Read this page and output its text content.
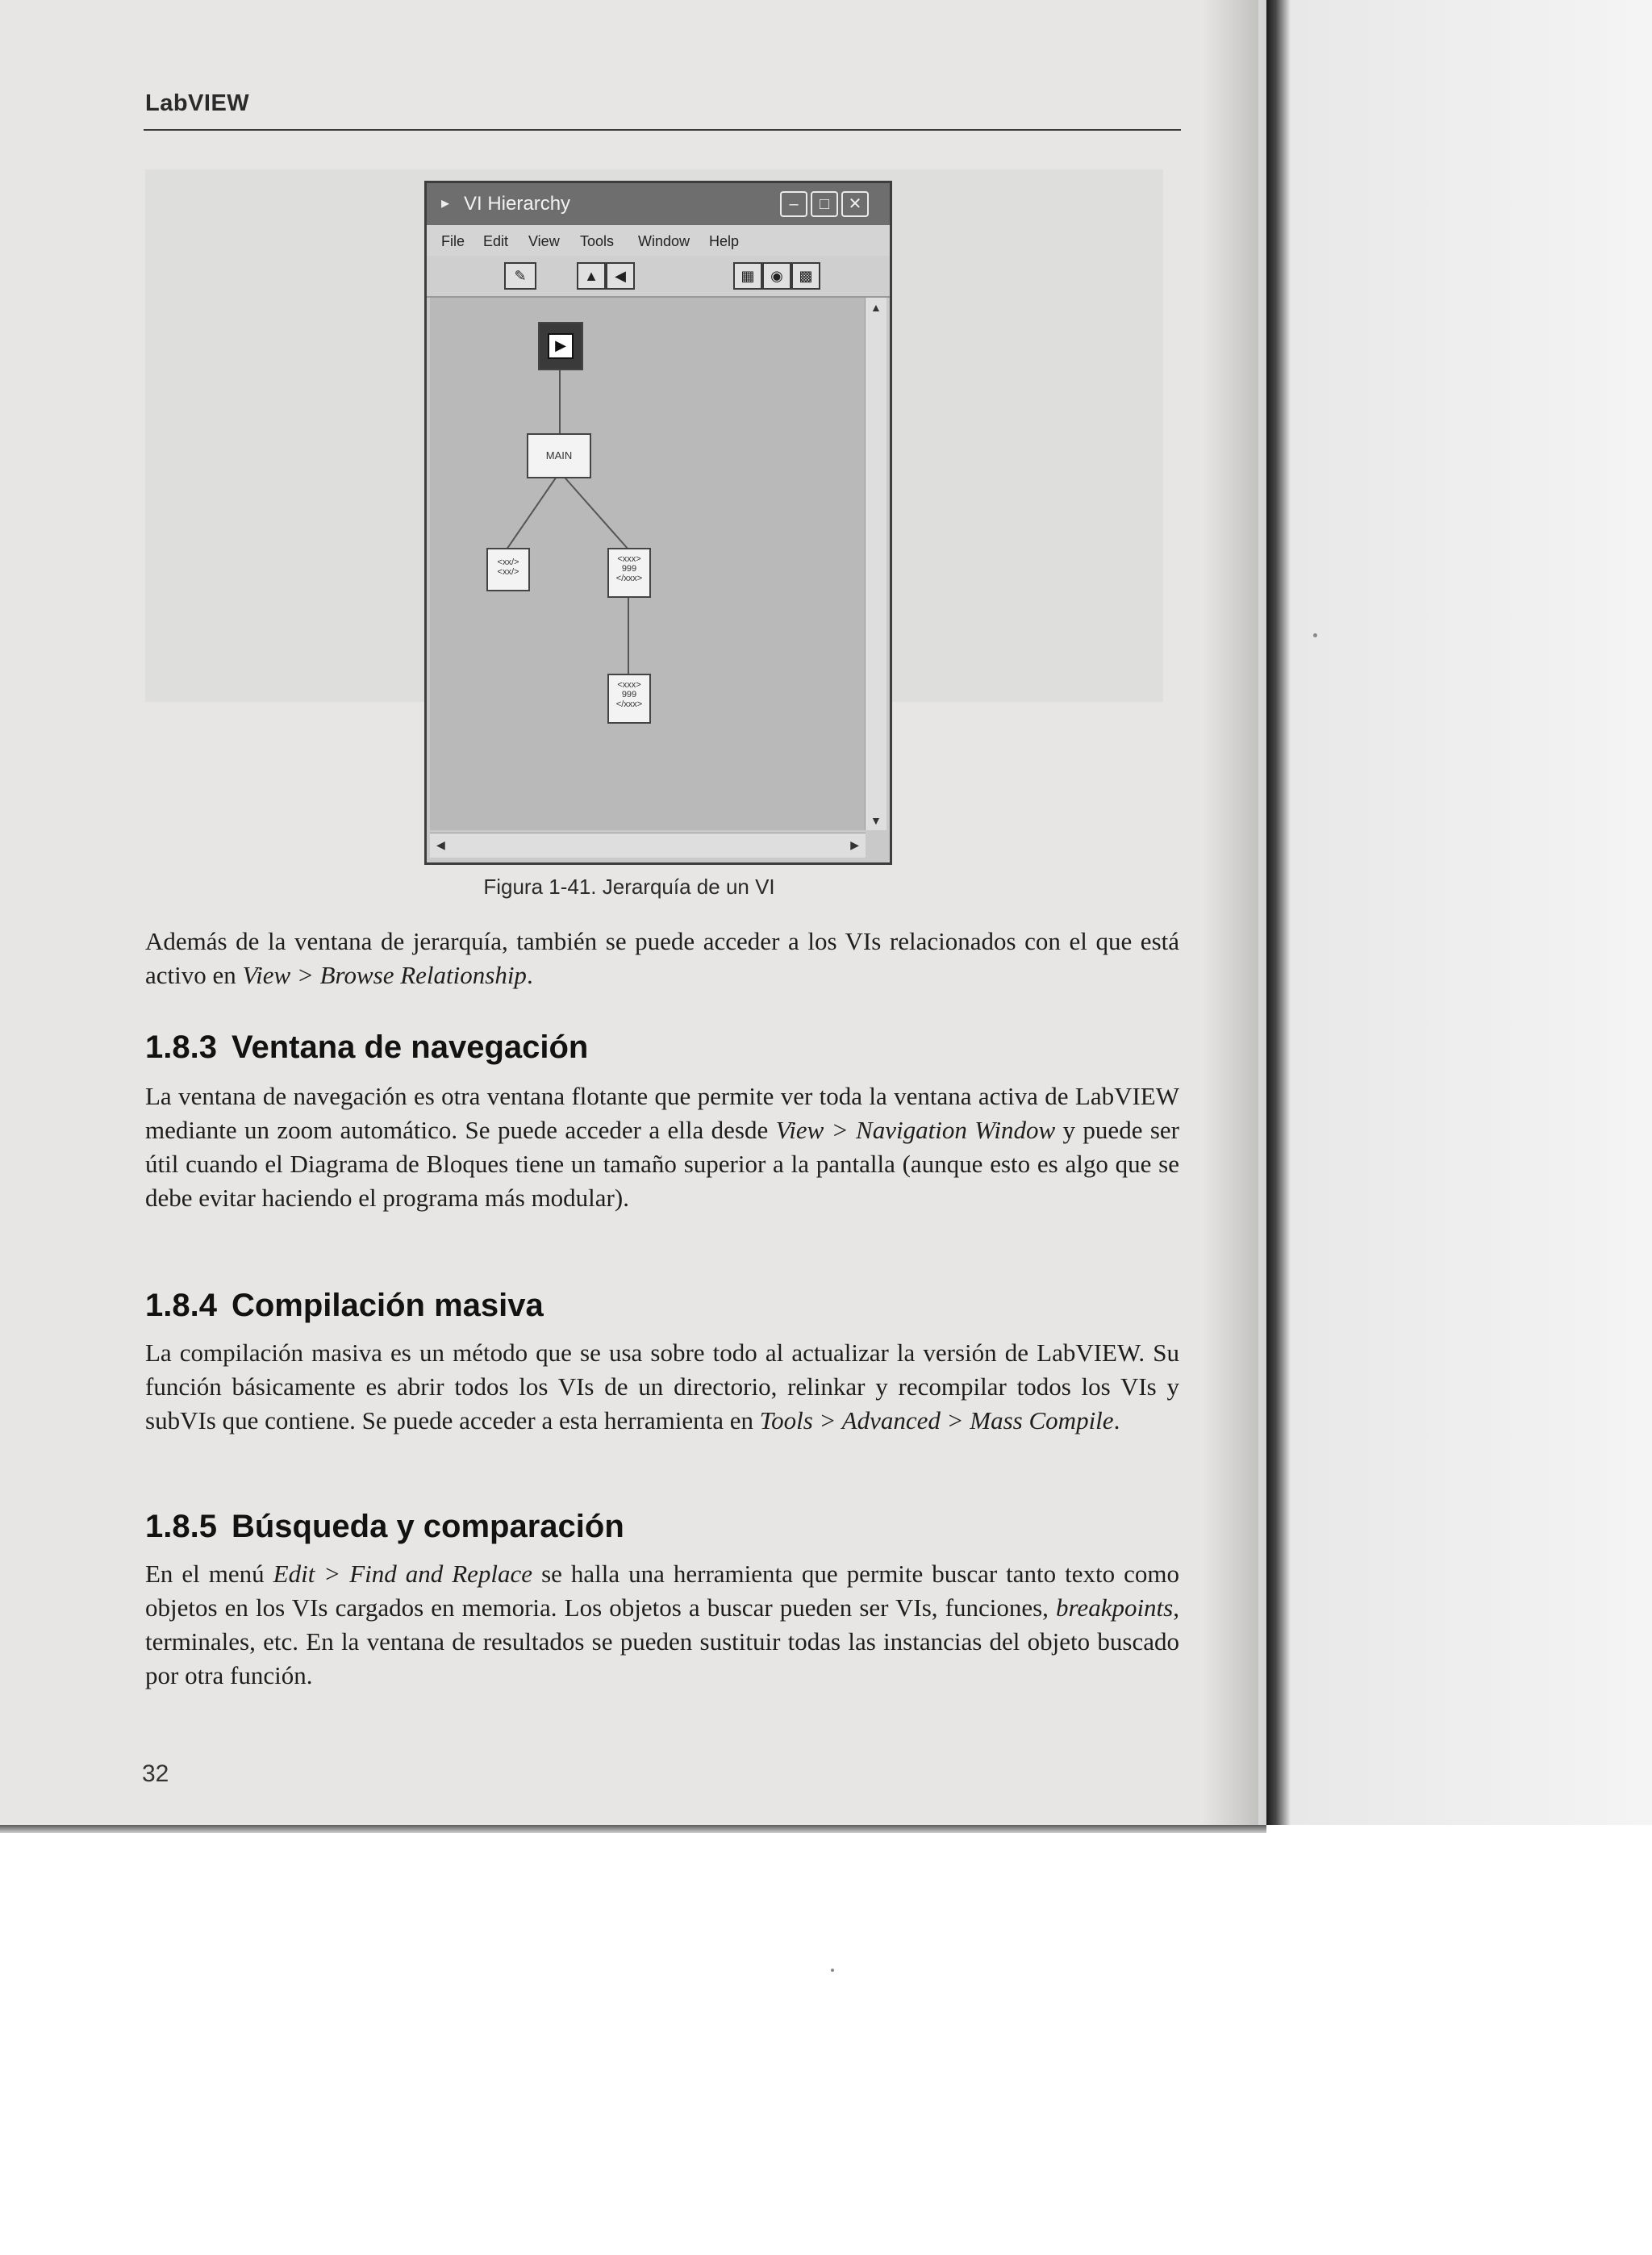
LabVIEW
▸ VI Hierarchy	–	□	✕
File Edit View Tools Window Help
✎	▲	◀	▦	◉	▩
▶
MAIN
<xx/>
<xx/>
<xxx>
999
</xxx>
<xxx>
999
</xxx>
▲
▼
◀	▶
Figura 1-41. Jerarquía de un VI

Además de la ventana de jerarquía, también se puede acceder a los VIs relacionados con el que está activo en View > Browse Relationship.

1.8.3 Ventana de navegación

La ventana de navegación es otra ventana flotante que permite ver toda la ventana activa de LabVIEW mediante un zoom automático. Se puede acceder a ella desde View > Navigation Window y puede ser útil cuando el Diagrama de Bloques tiene un tamaño superior a la pantalla (aunque esto es algo que se debe evitar haciendo el programa más modular).

1.8.4 Compilación masiva

La compilación masiva es un método que se usa sobre todo al actualizar la versión de LabVIEW. Su función básicamente es abrir todos los VIs de un directorio, relinkar y recompilar todos los VIs y subVIs que contiene. Se puede acceder a esta herramienta en Tools > Advanced > Mass Compile.

1.8.5 Búsqueda y comparación

En el menú Edit > Find and Replace se halla una herramienta que permite buscar tanto texto como objetos en los VIs cargados en memoria. Los objetos a buscar pueden ser VIs, funciones, breakpoints, terminales, etc. En la ventana de resultados se pueden sustituir todas las instancias del objeto buscado por otra función.

32
